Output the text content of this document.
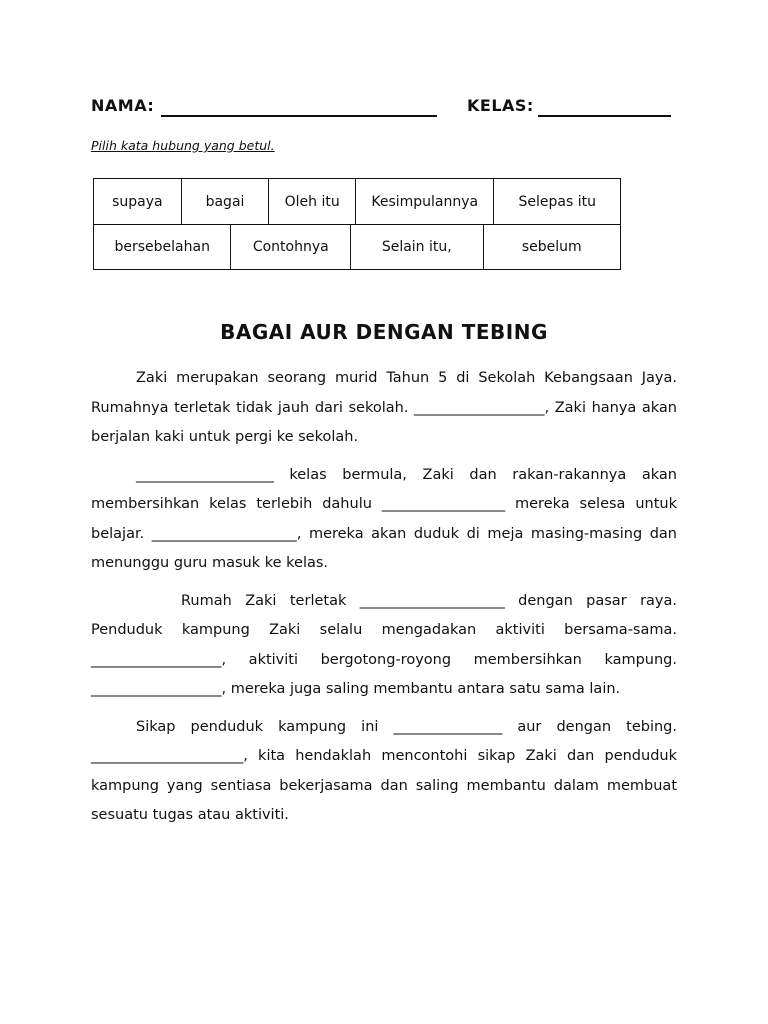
NAMA:	KELAS:
Pilih kata hubung yang betul.
supaya	bagai	Oleh itu	Kesimpulannya	Selepas itu
bersebelahan	Contohnya	Selain itu,	sebelum
BAGAI AUR DENGAN TEBING

Zaki merupakan seorang murid Tahun 5 di Sekolah Kebangsaan Jaya. Rumahnya terletak tidak jauh dari sekolah. __________________, Zaki hanya akan berjalan kaki untuk pergi ke sekolah.

___________________ kelas bermula, Zaki dan rakan-rakannya akan membersihkan kelas terlebih dahulu _________________ mereka selesa untuk belajar. ____________________, mereka akan duduk di meja masing-masing dan menunggu guru masuk ke kelas.

Rumah Zaki terletak ____________________ dengan pasar raya. Penduduk kampung Zaki selalu mengadakan aktiviti bersama-sama. __________________, aktiviti bergotong-royong membersihkan kampung. __________________, mereka juga saling membantu antara satu sama lain.

Sikap penduduk kampung ini _______________ aur dengan tebing. _____________________, kita hendaklah mencontohi sikap Zaki dan penduduk kampung yang sentiasa bekerjasama dan saling membantu dalam membuat sesuatu tugas atau aktiviti.
